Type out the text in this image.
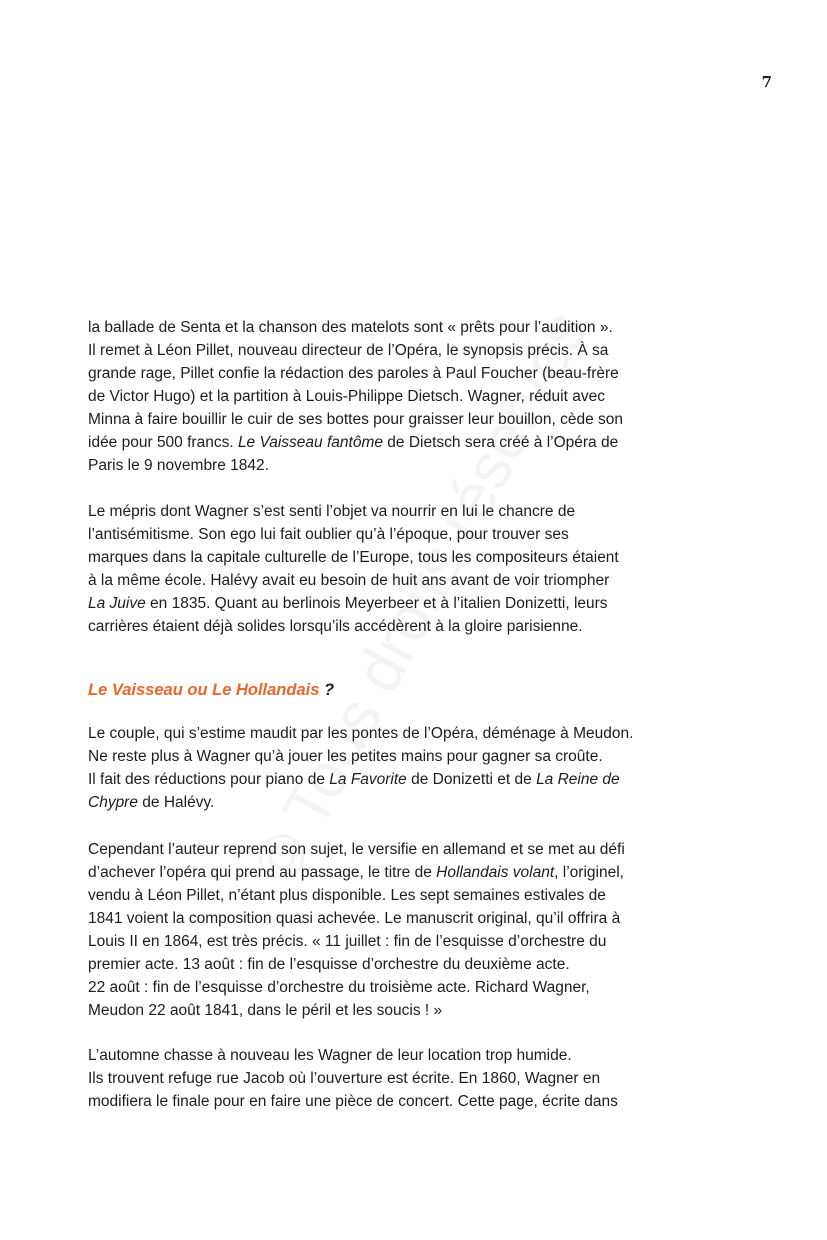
7
la ballade de Senta et la chanson des matelots sont « prêts pour l’audition ».
Il remet à Léon Pillet, nouveau directeur de l’Opéra, le synopsis précis. À sa
grande rage, Pillet confie la rédaction des paroles à Paul Foucher (beau-frère
de Victor Hugo) et la partition à Louis-Philippe Dietsch. Wagner, réduit avec
Minna à faire bouillir le cuir de ses bottes pour graisser leur bouillon, cède son
idée pour 500 francs. Le Vaisseau fantôme de Dietsch sera créé à l’Opéra de
Paris le 9 novembre 1842.
Le mépris dont Wagner s’est senti l’objet va nourrir en lui le chancre de
l’antisémitisme. Son ego lui fait oublier qu’à l’époque, pour trouver ses
marques dans la capitale culturelle de l’Europe, tous les compositeurs étaient
à la même école. Halévy avait eu besoin de huit ans avant de voir triompher
La Juive en 1835. Quant au berlinois Meyerbeer et à l’italien Donizetti, leurs
carrières étaient déjà solides lorsqu’ils accédèrent à la gloire parisienne.
Le Vaisseau ou Le Hollandais ?
Le couple, qui s’estime maudit par les pontes de l’Opéra, déménage à Meudon.
Ne reste plus à Wagner qu’à jouer les petites mains pour gagner sa croûte.
Il fait des réductions pour piano de La Favorite de Donizetti et de La Reine de
Chypre de Halévy.
Cependant l’auteur reprend son sujet, le versifie en allemand et se met au défi
d’achever l’opéra qui prend au passage, le titre de Hollandais volant, l’originel,
vendu à Léon Pillet, n’étant plus disponible. Les sept semaines estivales de
1841 voient la composition quasi achevée. Le manuscrit original, qu’il offrira à
Louis II en 1864, est très précis. « 11 juillet : fin de l’esquisse d’orchestre du
premier acte. 13 août : fin de l’esquisse d’orchestre du deuxième acte.
22 août : fin de l’esquisse d’orchestre du troisième acte. Richard Wagner,
Meudon 22 août 1841, dans le péril et les soucis ! »
L’automne chasse à nouveau les Wagner de leur location trop humide.
Ils trouvent refuge rue Jacob où l’ouverture est écrite. En 1860, Wagner en
modifiera le finale pour en faire une pièce de concert. Cette page, écrite dans
